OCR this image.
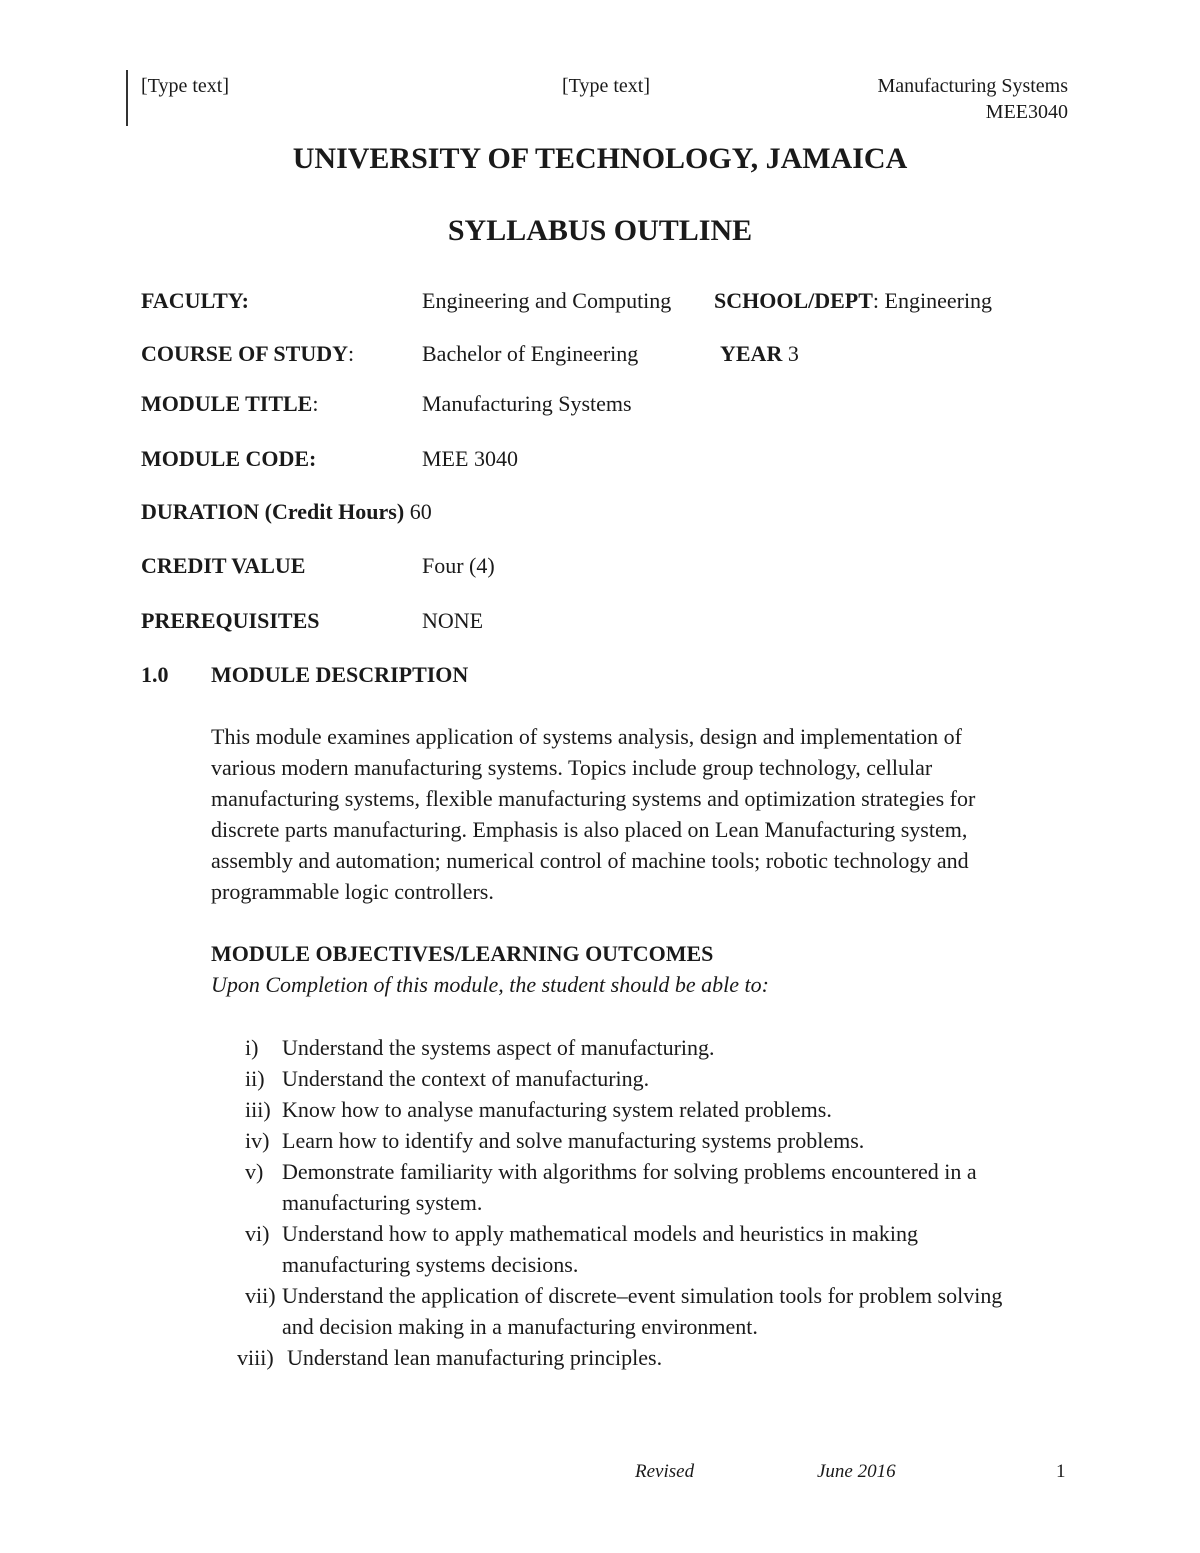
[Type text]	[Type text]	Manufacturing Systems
MEE3040
UNIVERSITY OF TECHNOLOGY, JAMAICA
SYLLABUS OUTLINE
FACULTY:	Engineering and Computing SCHOOL/DEPT: Engineering
COURSE OF STUDY:	Bachelor of Engineering	YEAR 3
MODULE TITLE:	Manufacturing Systems
MODULE CODE:	MEE 3040
DURATION (Credit Hours) 60
CREDIT VALUE	Four (4)
PREREQUISITES	NONE
1.0 MODULE DESCRIPTION
This module examines application of systems analysis, design and implementation of
various modern manufacturing systems. Topics include group technology, cellular
manufacturing systems, flexible manufacturing systems and optimization strategies for
discrete parts manufacturing. Emphasis is also placed on Lean Manufacturing system,
assembly and automation; numerical control of machine tools; robotic technology and
programmable logic controllers.
MODULE OBJECTIVES/LEARNING OUTCOMES
Upon Completion of this module, the student should be able to:
i) Understand the systems aspect of manufacturing.
ii) Understand the context of manufacturing.
iii) Know how to analyse manufacturing system related problems.
iv) Learn how to identify and solve manufacturing systems problems.
v) Demonstrate familiarity with algorithms for solving problems encountered in a
manufacturing system.
vi) Understand how to apply mathematical models and heuristics in making
manufacturing systems decisions.
vii) Understand the application of discrete–event simulation tools for problem solving
and decision making in a manufacturing environment.
viii) Understand lean manufacturing principles.
Revised	June 2016	1
